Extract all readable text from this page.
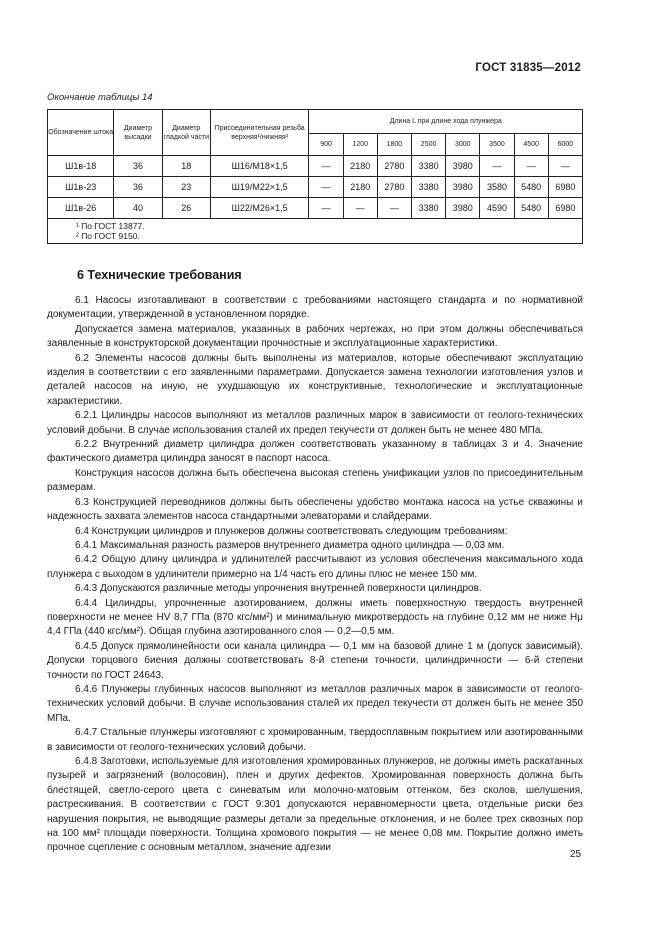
ГОСТ 31835—2012
Окончание таблицы 14
Обозначение штока	Диаметр высадки	Диаметр гладкой части	Присоединительная резьба верхняя¹/нижняя²	Длина L при длине хода плунжера							
				900	1200	1800	2500	3000	3500	4500	6000
Ш1в-18	36	18	Ш16/М18×1,5	—	2180	2780	3380	3980	—	—	—
Ш1в-23	36	23	Ш19/М22×1,5	—	2180	2780	3380	3980	3580	5480	6980
Ш1в-26	40	26	Ш22/М26×1,5	—	—	—	3380	3980	4590	5480	6980

¹ По ГОСТ 13877.
² По ГОСТ 9150.											
6 Технические требования

6.1 Насосы изготавливают в соответствии с требованиями настоящего стандарта и по нормативной документации, утвержденной в установленном порядке.

Допускается замена материалов, указанных в рабочих чертежах, но при этом должны обеспечиваться заявленные в конструкторской документации прочностные и эксплуатационные характеристики.

6.2 Элементы насосов должны быть выполнены из материалов, которые обеспечивают эксплуатацию изделия в соответствии с его заявленными параметрами. Допускается замена технологии изготовления узлов и деталей насосов на иную, не ухудшающую их конструктивные, технологические и эксплуатационные характеристики.

6.2.1 Цилиндры насосов выполняют из металлов различных марок в зависимости от геолого-технических условий добычи. В случае использования сталей их предел текучести σт должен быть не менее 480 МПа.

6.2.2 Внутренний диаметр цилиндра должен соответствовать указанному в таблицах 3 и 4. Значение фактического диаметра цилиндра заносят в паспорт насоса.

Конструкция насосов должна быть обеспечена высокая степень унификации узлов по присоединительным размерам.

6.3 Конструкцией переводников должны быть обеспечены удобство монтажа насоса на устье скважины и надежность захвата элементов насоса стандартными элеваторами и слайдерами.

6.4 Конструкции цилиндров и плунжеров должны соответствовать следующим требованиям:

6.4.1 Максимальная разность размеров внутреннего диаметра одного цилиндра — 0,03 мм.

6.4.2 Общую длину цилиндра и удлинителей рассчитывают из условия обеспечения максимального хода плунжера с выходом в удлинители примерно на 1/4 часть его длины плюс не менее 150 мм.

6.4.3 Допускаются различные методы упрочнения внутренней поверхности цилиндров.

6.4.4 Цилиндры, упрочненные азотированием, должны иметь поверхностную твердость внутренней поверхности не менее HV 8,7 ГПа (870 кгс/мм²) и минимальную микротвердость на глубине 0,12 мм не ниже Hμ 4,4 ГПа (440 кгс/мм²). Общая глубина азотированного слоя — 0,2—0,5 мм.

6.4.5 Допуск прямолинейности оси канала цилиндра — 0,1 мм на базовой длине 1 м (допуск зависимый). Допуски торцового биения должны соответствовать 8-й степени точности, цилиндричности — 6-й степени точности по ГОСТ 24643.

6.4.6 Плунжеры глубинных насосов выполняют из металлов различных марок в зависимости от геолого-технических условий добычи. В случае использования сталей их предел текучести σт должен быть не менее 350 МПа.

6.4.7 Стальные плунжеры изготовляют с хромированным, твердосплавным покрытием или азотированными в зависимости от геолого-технических условий добычи.

6.4.8 Заготовки, используемые для изготовления хромированных плунжеров, не должны иметь раскатанных пузырей и загрязнений (волосовин), плен и других дефектов. Хромированная поверхность должна быть блестящей, светло-серого цвета с синеватым или молочно-матовым оттенком, без сколов, шелушения, растрескивания. В соответствии с ГОСТ 9.301 допускаются неравномерности цвета, отдельные риски без нарушения покрытия, не выводящие размеры детали за предельные отклонения, и не более трех сквозных пор на 100 мм² площади поверхности. Толщина хромового покрытия — не менее 0,08 мм. Покрытие должно иметь прочное сцепление с основным металлом, значение адгезии

25
